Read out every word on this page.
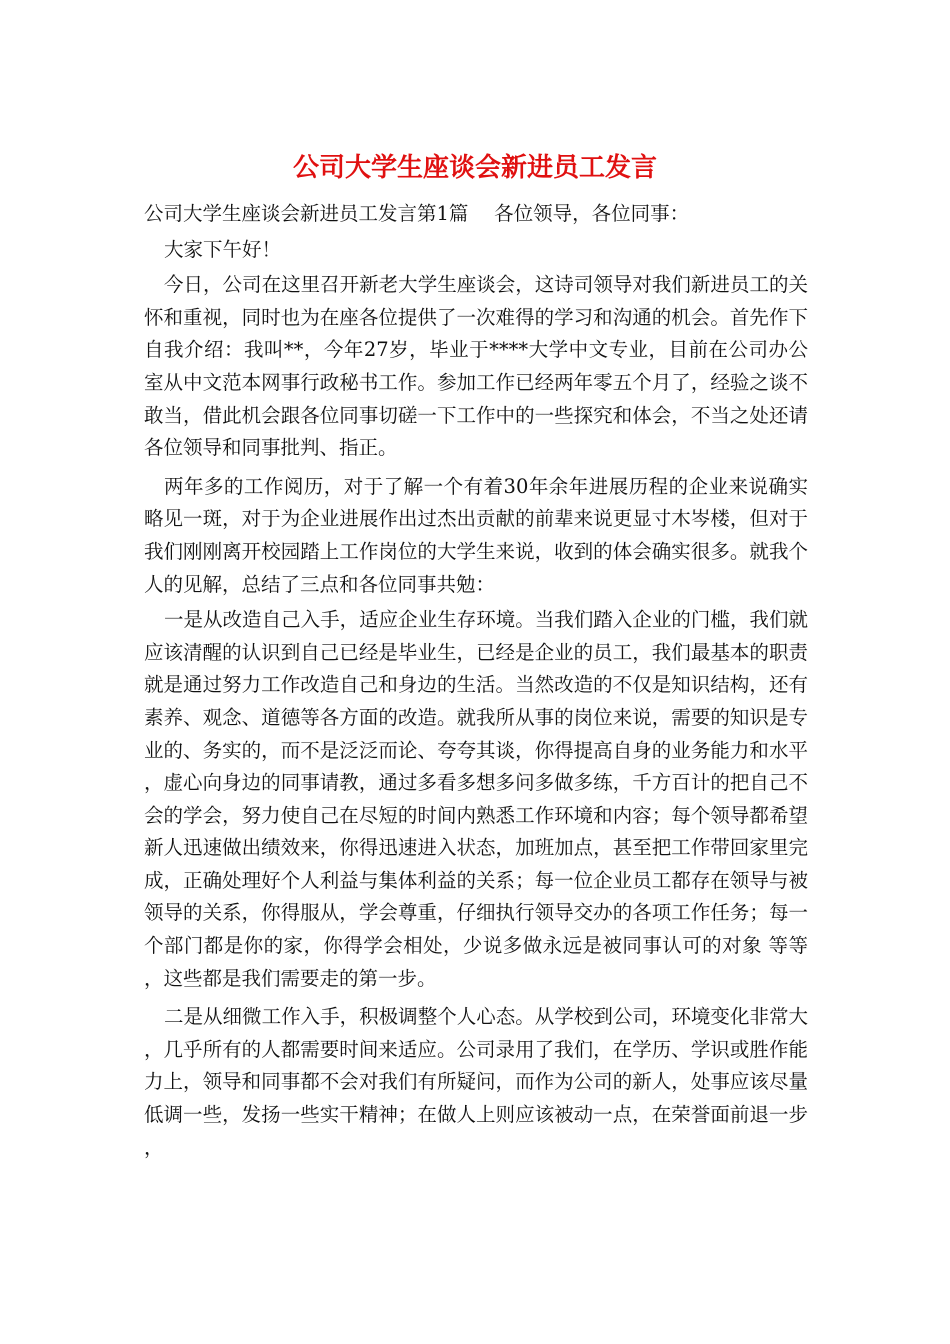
公司大学生座谈会新进员工发言

公司大学生座谈会新进员工发言第1篇　 各位领导，各位同事：

大家下午好！

今日，公司在这里召开新老大学生座谈会，这诗司领导对我们新进员工的关怀和重视，同时也为在座各位提供了一次难得的学习和沟通的机会。首先作下自我介绍：我叫**，今年27岁，毕业于****大学中文专业，目前在公司办公室从中文范本网事行政秘书工作。参加工作已经两年零五个月了，经验之谈不敢当，借此机会跟各位同事切磋一下工作中的一些探究和体会，不当之处还请各位领导和同事批判、指正。

两年多的工作阅历，对于了解一个有着30年余年进展历程的企业来说确实略见一斑，对于为企业进展作出过杰出贡献的前辈来说更显寸木岑楼，但对于我们刚刚离开校园踏上工作岗位的大学生来说，收到的体会确实很多。就我个人的见解，总结了三点和各位同事共勉：

一是从改造自己入手，适应企业生存环境。当我们踏入企业的门槛，我们就应该清醒的认识到自己已经是毕业生，已经是企业的员工，我们最基本的职责就是通过努力工作改造自己和身边的生活。当然改造的不仅是知识结构，还有素养、观念、道德等各方面的改造。就我所从事的岗位来说，需要的知识是专业的、务实的，而不是泛泛而论、夸夸其谈，你得提高自身的业务能力和水平，虚心向身边的同事请教，通过多看多想多问多做多练，千方百计的把自己不会的学会，努力使自己在尽短的时间内熟悉工作环境和内容；每个领导都希望新人迅速做出绩效来，你得迅速进入状态，加班加点，甚至把工作带回家里完成，正确处理好个人利益与集体利益的关系；每一位企业员工都存在领导与被领导的关系，你得服从，学会尊重，仔细执行领导交办的各项工作任务；每一个部门都是你的家，你得学会相处，少说多做永远是被同事认可的对象 等等，这些都是我们需要走的第一步。

二是从细微工作入手，积极调整个人心态。从学校到公司，环境变化非常大，几乎所有的人都需要时间来适应。公司录用了我们，在学历、学识或胜作能力上，领导和同事都不会对我们有所疑问，而作为公司的新人，处事应该尽量低调一些，发扬一些实干精神；在做人上则应该被动一点，在荣誉面前退一步，
